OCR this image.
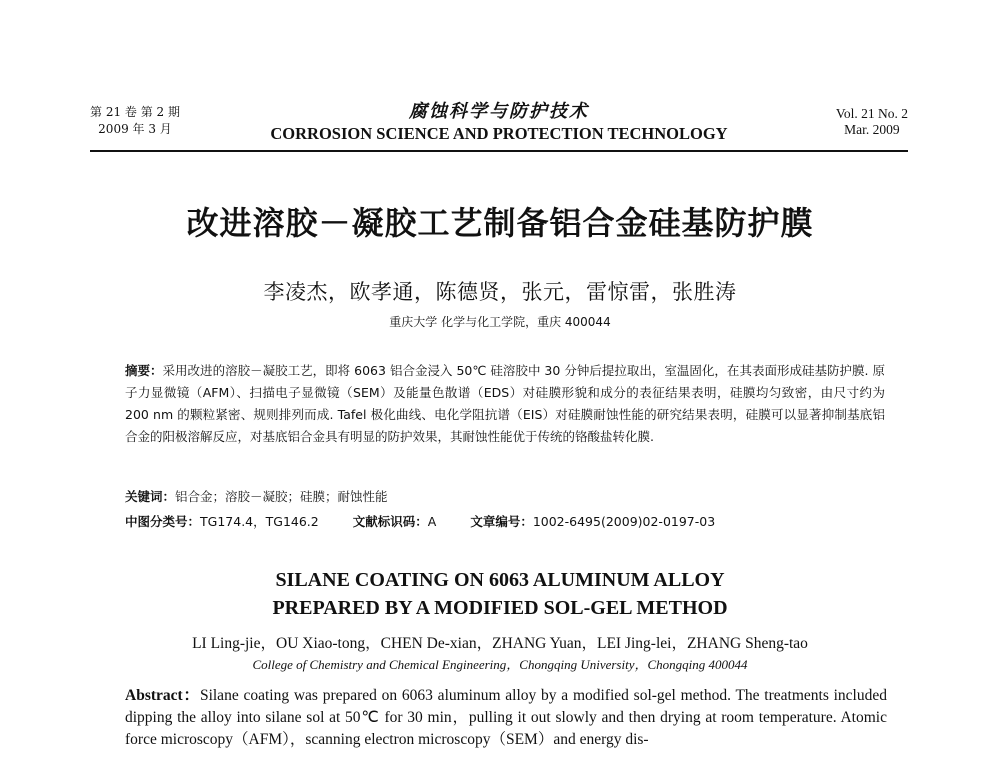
第 21 卷 第 2 期
2009 年 3 月
腐蚀科学与防护技术
CORROSION SCIENCE AND PROTECTION TECHNOLOGY
Vol. 21 No. 2
Mar. 2009
改进溶胶－凝胶工艺制备铝合金硅基防护膜
李凌杰，欧孝通，陈德贤，张元，雷惊雷，张胜涛
重庆大学 化学与化工学院，重庆 400044
摘要：采用改进的溶胶－凝胶工艺，即将 6063 铝合金浸入 50℃ 硅溶胶中 30 分钟后提拉取出，室温固化，在其表面形成硅基防护膜. 原子力显微镜（AFM）、扫描电子显微镜（SEM）及能量色散谱（EDS）对硅膜形貌和成分的表征结果表明，硅膜均匀致密，由尺寸约为 200 nm 的颗粒紧密、规则排列而成. Tafel 极化曲线、电化学阻抗谱（EIS）对硅膜耐蚀性能的研究结果表明，硅膜可以显著抑制基底铝合金的阳极溶解反应，对基底铝合金具有明显的防护效果，其耐蚀性能优于传统的铬酸盐转化膜.
关键词：铝合金；溶胶－凝胶；硅膜；耐蚀性能
中图分类号：TG174.4，TG146.2	文献标识码：A	文章编号：1002-6495(2009)02-0197-03
SILANE COATING ON 6063 ALUMINUM ALLOY
PREPARED BY A MODIFIED SOL-GEL METHOD
LI Ling-jie，OU Xiao-tong，CHEN De-xian，ZHANG Yuan，LEI Jing-lei，ZHANG Sheng-tao
College of Chemistry and Chemical Engineering，Chongqing University，Chongqing 400044
Abstract：Silane coating was prepared on 6063 aluminum alloy by a modified sol-gel method. The treatments included dipping the alloy into silane sol at 50℃ for 30 min，pulling it out slowly and then drying at room temperature. Atomic force microscopy（AFM），scanning electron microscopy（SEM）and energy dis-
